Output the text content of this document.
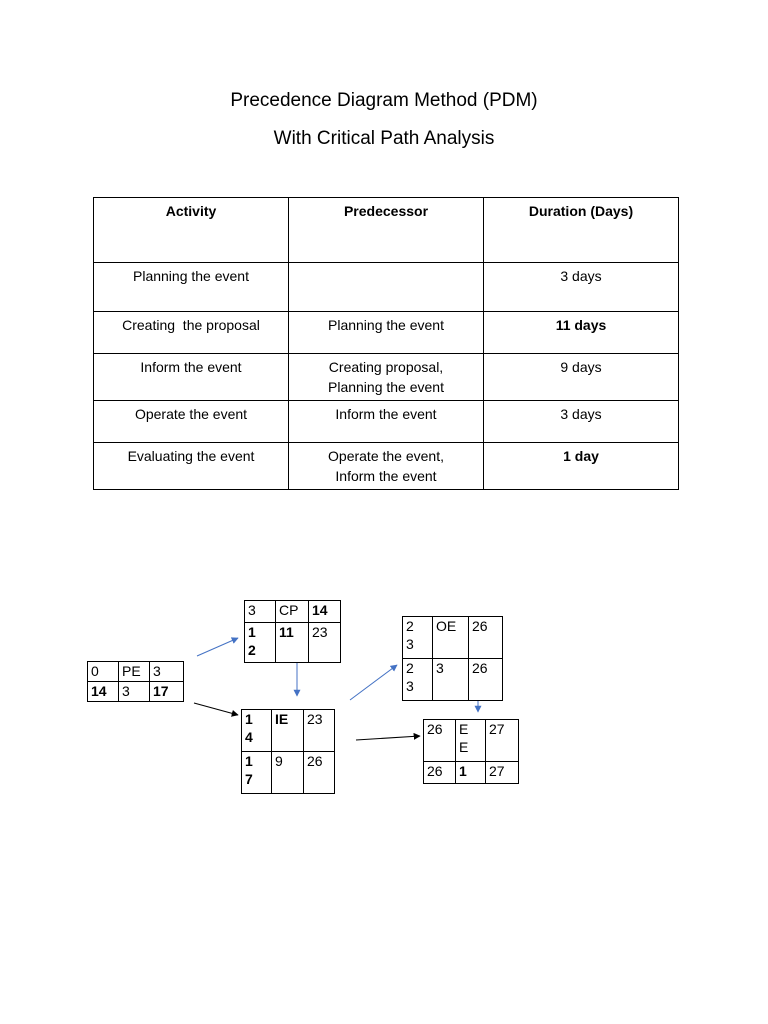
Precedence Diagram Method (PDM)
With Critical Path Analysis
Activity	Predecessor	Duration (Days)
Planning the event		3 days
Creating  the proposal	Planning the event	11 days
Inform the event	Creating proposal, Planning the event	9 days
Operate the event	Inform the event	3 days
Evaluating the event	Operate the event, Inform the event	1 day
0	PE	3
14	3	17
3	CP	14

12	11	23
14	IE	23

17	9	26
23	OE	26

23	3	26
26	EE	27
26	1	27
